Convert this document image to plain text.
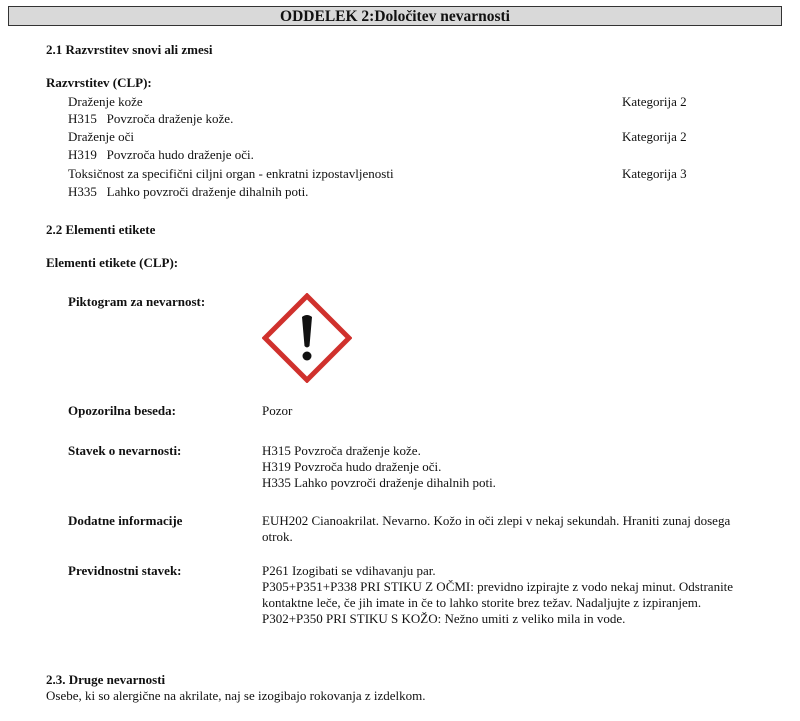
ODDELEK 2:Določitev nevarnosti
2.1 Razvrstitev snovi ali zmesi
Razvrstitev (CLP):
Draženje kože	Kategorija 2
H315 Povzroča draženje kože.
Draženje oči	Kategorija 2
H319 Povzroča hudo draženje oči.
Toksičnost za specifični ciljni organ - enkratni izpostavljenosti	Kategorija 3
H335 Lahko povzroči draženje dihalnih poti.
2.2 Elementi etikete
Elementi etikete (CLP):
Piktogram za nevarnost:
Opozorilna beseda:	Pozor
Stavek o nevarnosti:	H315 Povzroča draženje kože.
H319 Povzroča hudo draženje oči.
H335 Lahko povzroči draženje dihalnih poti.
Dodatne informacije	EUH202 Cianoakrilat. Nevarno. Kožo in oči zlepi v nekaj sekundah. Hraniti zunaj dosega
otrok.
Previdnostni stavek:	P261 Izogibati se vdihavanju par.
P305+P351+P338 PRI STIKU Z OČMI: previdno izpirajte z vodo nekaj minut. Odstranite
kontaktne leče, če jih imate in če to lahko storite brez težav. Nadaljujte z izpiranjem.
P302+P350 PRI STIKU S KOŽO: Nežno umiti z veliko mila in vode.
2.3. Druge nevarnosti
Osebe, ki so alergične na akrilate, naj se izogibajo rokovanja z izdelkom.
